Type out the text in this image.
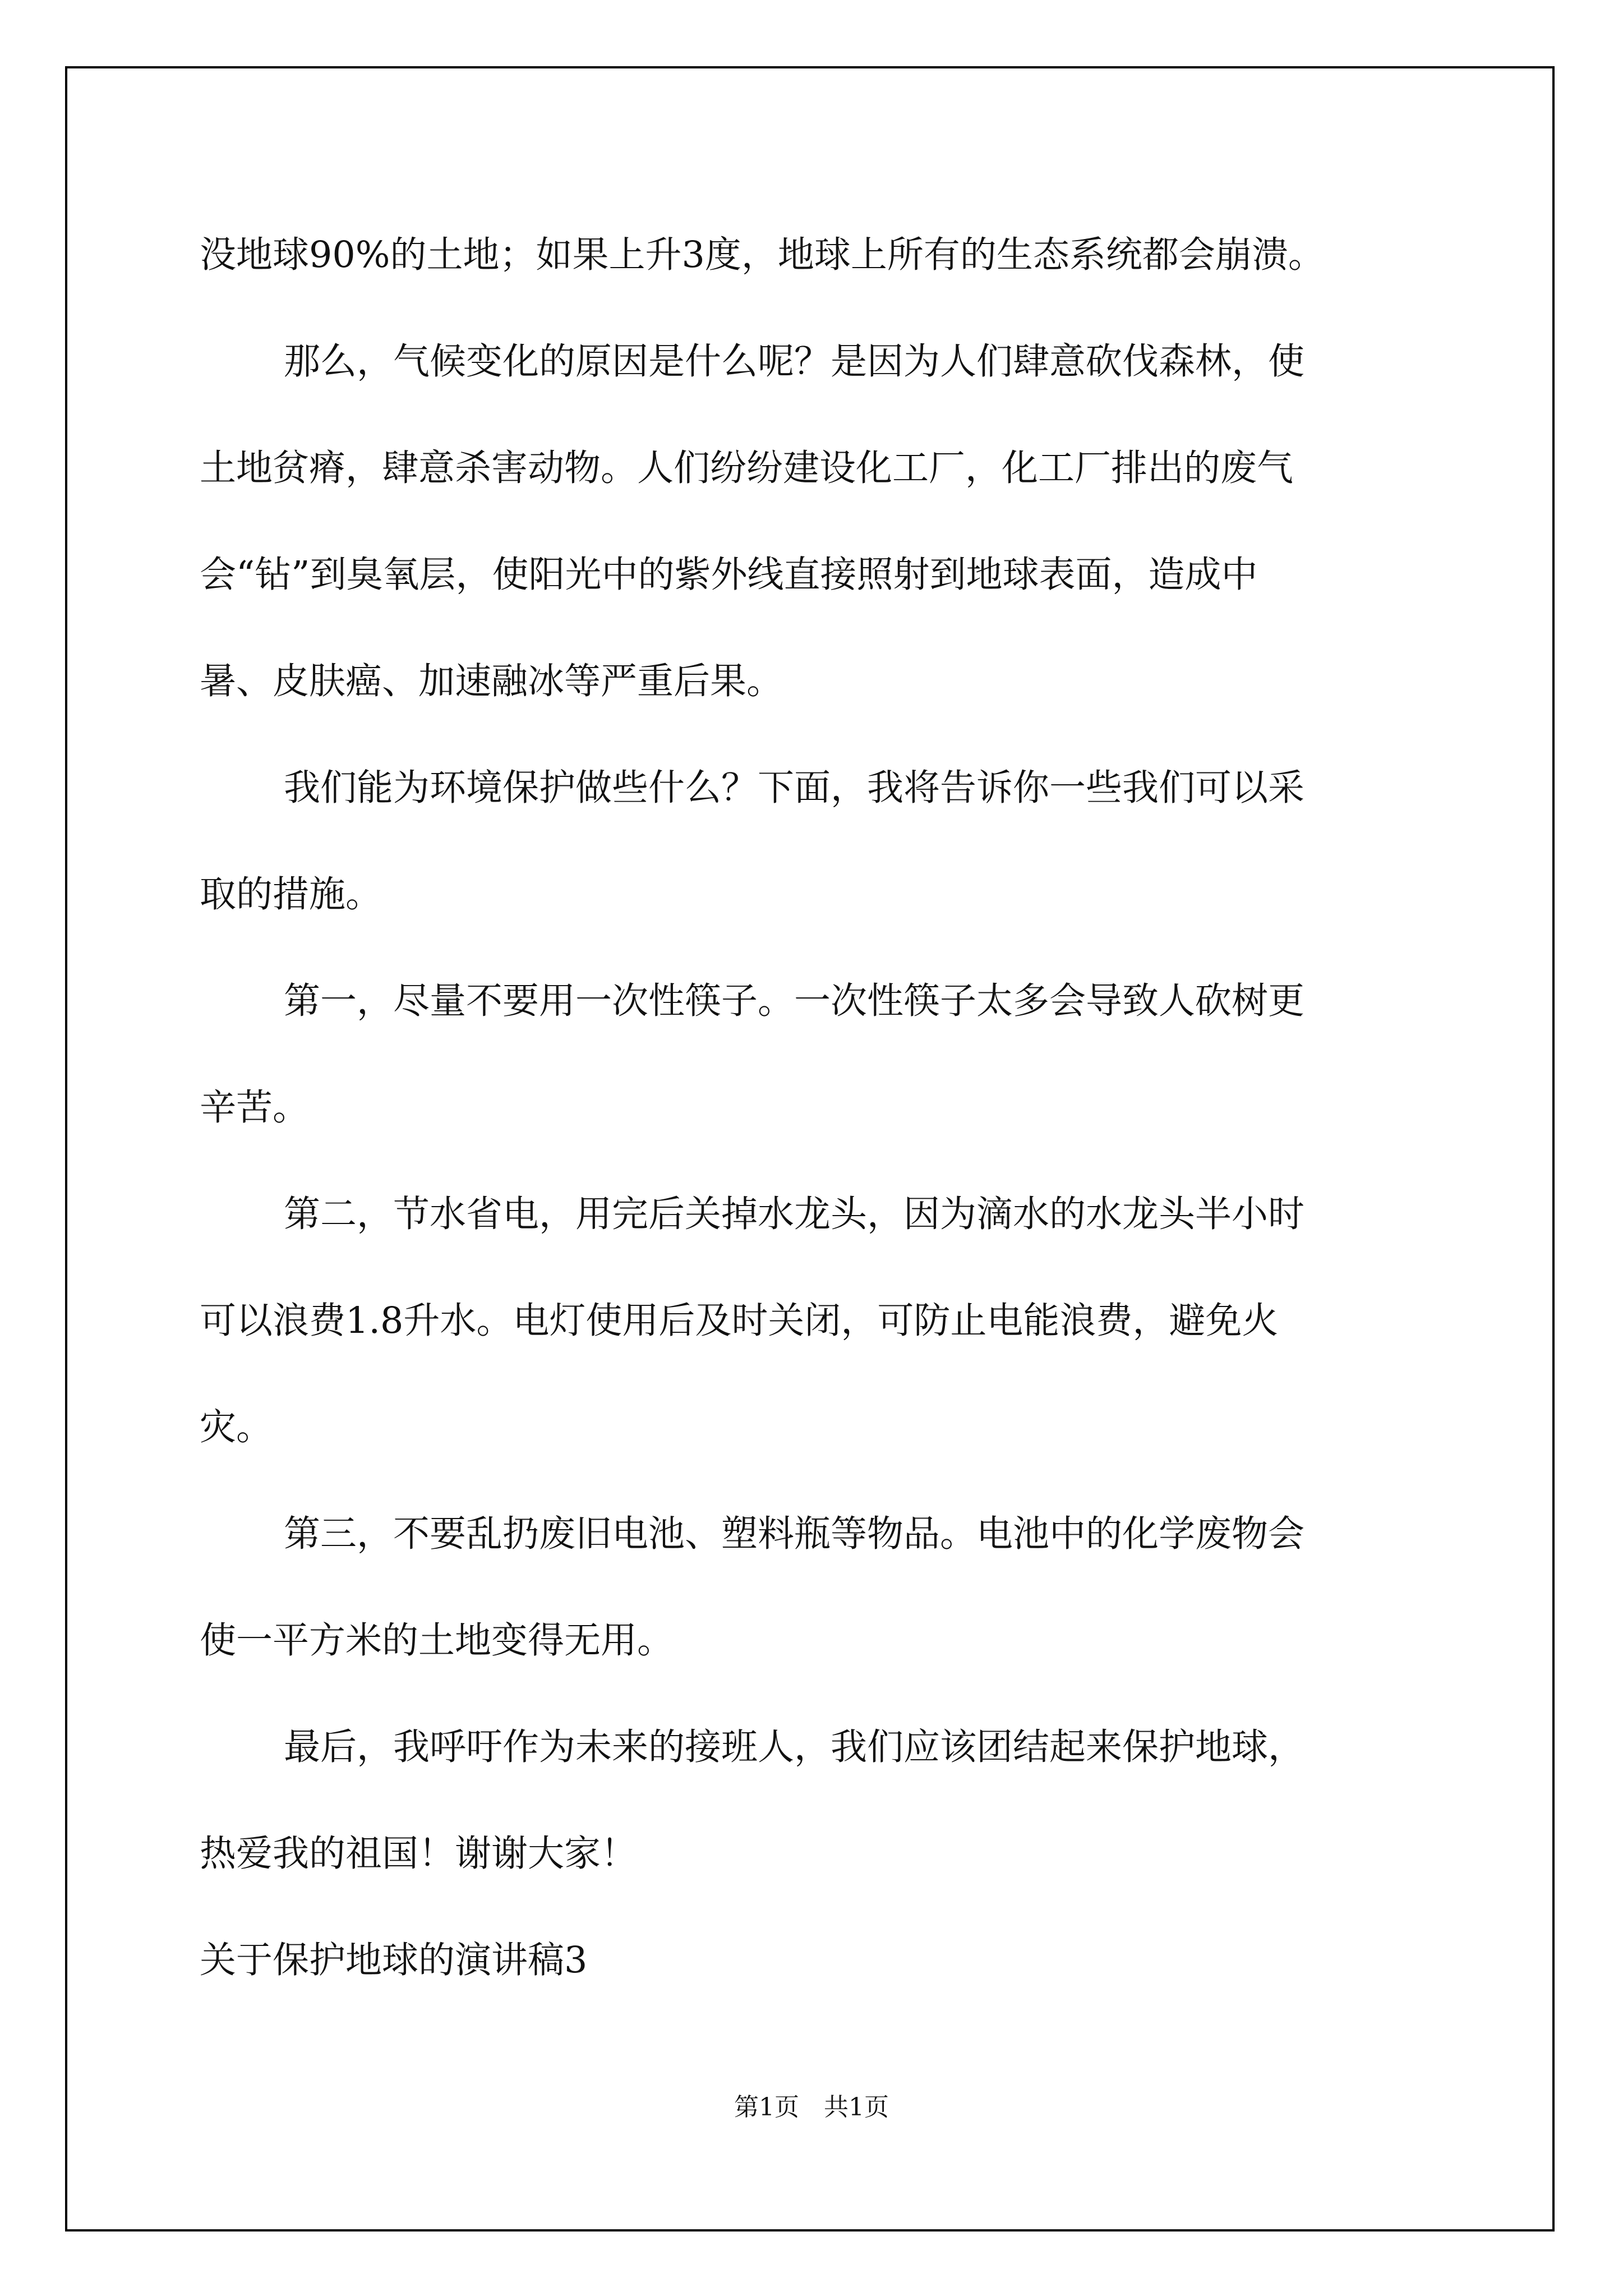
没地球90%的土地；如果上升3度，地球上所有的生态系统都会崩溃。
那么，气候变化的原因是什么呢？是因为人们肆意砍伐森林，使
土地贫瘠，肆意杀害动物。人们纷纷建设化工厂，化工厂排出的废气
会“钻”到臭氧层，使阳光中的紫外线直接照射到地球表面，造成中
暑、皮肤癌、加速融冰等严重后果。
我们能为环境保护做些什么？下面，我将告诉你一些我们可以采
取的措施。
第一，尽量不要用一次性筷子。一次性筷子太多会导致人砍树更
辛苦。
第二，节水省电，用完后关掉水龙头，因为滴水的水龙头半小时
可以浪费1.8升水。电灯使用后及时关闭，可防止电能浪费，避免火
灾。
第三，不要乱扔废旧电池、塑料瓶等物品。电池中的化学废物会
使一平方米的土地变得无用。
最后，我呼吁作为未来的接班人，我们应该团结起来保护地球，
热爱我的祖国！谢谢大家！
关于保护地球的演讲稿3
第1页　共1页
